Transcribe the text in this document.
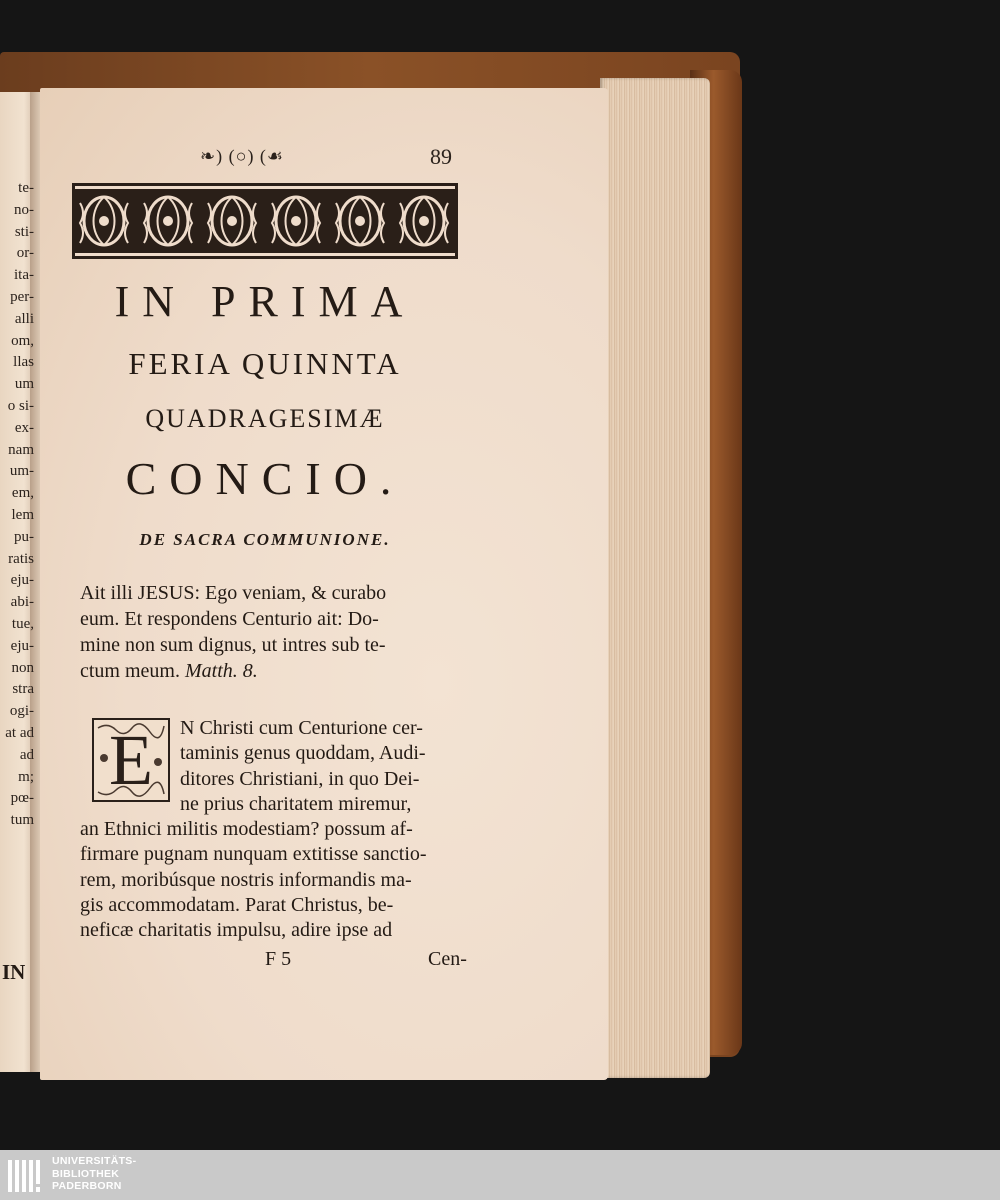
te-
no-
sti-
or-
ita-
per-
alli
om,
llas
um
o si-
ex-
nam
um-
em,
lem
pu-
ratis
eju-
abi-
tue,
eju-
non
stra
ogi-
at ad
ad
m;
pœ-
tum
IN
❧) (○) (☙	89
IN PRIMA
FERIA QUINNTA
QUADRAGESIMÆ
CONCIO.
DE SACRA COMMUNIONE.
Ait illi JESUS: Ego veniam, & curabo
eum. Et respondens Centurio ait: Do-
mine non sum dignus, ut intres sub te-
ctum meum. Matth. 8.
E	N Christi cum Centurione cer-
taminis genus quoddam, Audi-
ditores Christiani, in quo Dei-
ne prius charitatem miremur,
an Ethnici militis modestiam? possum af-
firmare pugnam nunquam extitisse sanctio-
rem, moribúsque nostris informandis ma-
gis accommodatam. Parat Christus, be-
neficæ charitatis impulsu, adire ipse ad
F 5	Cen-
UNIVERSITÄTS-
BIBLIOTHEK
PADERBORN
